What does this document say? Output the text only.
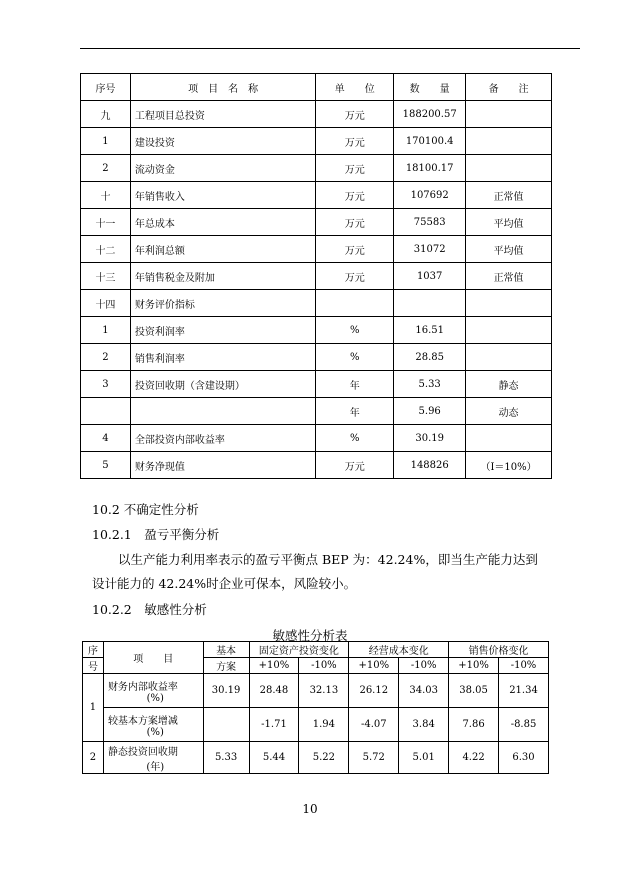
序号	项　目　名　称	单　　位	数　　量	备　　注
九	工程项目总投资	万元	188200.57	
1	建设投资	万元	170100.4	
2	流动资金	万元	18100.17	
十	年销售收入	万元	107692	正常值
十一	年总成本	万元	75583	平均值
十二	年利润总额	万元	31072	平均值
十三	年销售税金及附加	万元	1037	正常值
十四	财务评价指标			
1	投资利润率	%	16.51	
2	销售利润率	%	28.85	
3	投资回收期（含建设期）	年	5.33	静态
		年	5.96	动态
4	全部投资内部收益率	%	30.19	
5	财务净现值	万元	148826	（I＝10%）
10.2 不确定性分析
10.2.1　盈亏平衡分析
以生产能力利用率表示的盈亏平衡点 BEP 为：42.24%，即当生产能力达到
设计能力的 42.24%时企业可保本，风险较小。
10.2.2　敏感性分析
敏感性分析表
序	项　　目	基本	固定资产投资变化		经营成本变化		销售价格变化	
号		方案	+10%	-10%	+10%	-10%	+10%	-10%
1	财务内部收益率
(%)	30.19	28.48	32.13	26.12	34.03	38.05	21.34

	较基本方案增减
(%)		-1.71	1.94	-4.07	3.84	7.86	-8.85
2	静态投资回收期
(年)	5.33	5.44	5.22	5.72	5.01	4.22	6.30
10
